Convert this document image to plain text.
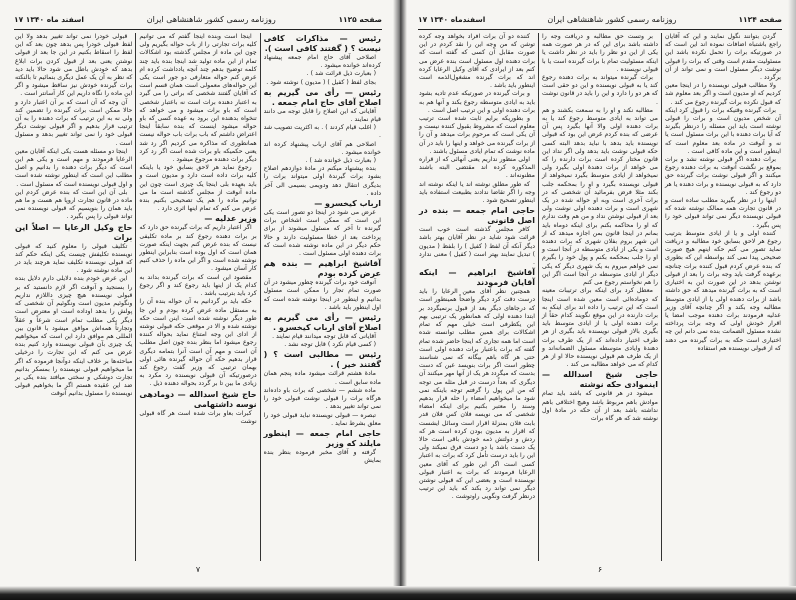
۱۷ اسفند ماه ۱۳۴۰	روزنامه رسمی کشور شاهنشاهی ایران	صفحه ۱۱۲۵
رئیس — مذاکرات کافی نیست ؟ ( گفتند کافی است ).

اصلاحی آقای حاج امام جمعه پیشنهاد کرده‌اند خوانده میشود .

( بعبارت ذیل قرائت شد ) .

بجای لفظ ( کفیل ) ( مدیون ) نوشته شود .

رئیس — رأی می گیریم به اصلاح آقای حاج امام جمعه .

آقایانی که این اصلاح را قابل توجه می دانند قیام نمایند .

( اغلب قیام کردند ) . به اکثریت تصویب شد .

اصلاحی هم آقای ارباب پیشنهاد کرده اند خوانده میشود .

( بعبارت ذیل خوانده شد ) .

بنده پیشنهاد میکنم در مادهٔ دوازدهم اصلاح بشود برات گیرندهٔ اولی میتواند برات را بدیگری انتقال دهد ودویمی بسیمی الی آخر داده .

ارباب کیخسرو —

عرض می شود در اینجا دو تصور است یکی این است که ممکن است اشخاص برات گیرنده تا آخر که مسئول میشوند از برای پرداخت بعد از خطا مسئولیت دارند و حالا حکم دیگر در این ماده نوشته شده است که برات دهنده اولی مسئول است .

آقاشیخ ابراهیم — بنده هم عرض کرده بودم

آنوقت خود برات گیرنده چطور میشود در آن صورت تمام تجار را ممکن است مسئول بدانیم و اینطور در اینجا نوشته شده است که اول اینطور باید باشد .

رئیس — رأی می گیریم به اصلاح آقای ارباب کیخسرو .

آقایانی که قابل توجه میدانند قیام نمایند .

( کسی قیام نکرد ) قابل توجه نشد .

رئیس — مطالبی است ؟ ( گفتند خیر ) .

مادهٔ هشتم قرائت میشود ماده پنجم همان ماده سابق است .

ماده ششم — شخصی که برات باو داده‌اند هرگاه برات را قبولی نوشت قبولی خود را نمی تواند تغییر بدهد .

تبصره — قبولی نویسنده نباید قبولی خود را معلق بشرط نماید .

حاجی امام جمعه — اینطور مایلند که وزیر

گرفته و آقای مخبر فرموده بنظر بنده بمایش

اینجا است وبنده اینجا گفتم که می توانیم کلیه برات تجارتی را از باب حواله بگیریم ولی چون این ماده از مجلس گذشته بود اشکالات تمام از این ماده تولید شد اینجا بنده باید چند کلمه توضیح بدهم چند آنچه یادداشت کرده ام عرض کنم حواله متعارفی دو جور است یکی این حواله‌های معمولی است همان قسم است که آقایان گفتند شخصی که براتی را می گیرد به اعتبار دهنده برات است نه باعتبار شخصی است که باو برات میشود و می خواهد که تنخواه بدهنده این برود به عهده کسی که باو حواله میشود اینست که بنده سابقاً اینجا اعتراض داشتم که باب برات باب حواله نیست همانطوری که مذاکره می کردیم اگر رد شد یعنی حکمیکه باو برات شده است اگر رد کرد دیگر برات دهنده مرجوع میشود .

رجوع نماید هر لاحق بسابق خود یا باینکه کلیه برات داده است دارد و مدیون است و باید بعهده بلی اینجا یک چیزی است چون این ماده آنوقت از مجلس گذشته است ما می توانیم ماده را هم یک تصحیحی بکنیم بنده عرض می کنم که تمام اینها اثری دارد .

وزیر عدلیه —

اگر اعتبار داریم که برات گیرنده حق دارد که بر برات دهنده رجوع کند بر ماده تکلیفی نیست که بنده عرض کنم بجهت اینکه صورت همان است که اول بوده است بنابراین اینطور نوشته شده است و اگر این ماده را حذف کنیم کار آسان میشود .

مقصود این است که برات گیرنده بداند به کدام یک از اینها باید رجوع کند و اگر رجوع کرد باید بترتیب باشد .

حکه باید بر گردانیم به آن حواله بنده آن را به مستقل ماده عرض کرده بودم و این جا طور دیگر نوشته شده است اینن است حکه نوشته شده و الا در موقعی حکه قبولی نوشته از ادای این وجه امتناع نماید بحواله کننده رجوع میشود اما بنظر بنده چون اصل مطلب آن است و مهم آن است آنرا بتمامه دیگری قرار بدهیم حکه آن حواله گیرنده هائی اولی بهمان ترتیبی که وزیر گفت رجوع کند درصورتیکه آن قبولی نویسنده رد مکرد به زیادی ما بین تا بر گردد بحواله دهنده ذیل .

حاج شیخ اسدالله — دومادهی نوسه داشتهامی

کبرات بعاو برات شده است هر گاه قبولی نوشت

قبولی خودرا نمی تواند تغییر بدهد ولا این لفظ قبولی خودرا پس بدهد چون بعد که این لفظ را اسقاط بکنیم در این جا بعد از قبولی نوشتن یعنی بعد از قبول کردن برات ابلاغ بدهد که خودش باطل می شود حالا باید دید که نظر به آن یک عمل دیگری بنمائیم تا بالنکته برات گیرنده خودش نیز ساقط میشود و اگر این ماده را نگاه داریم این کار آسانتر است .

آن وجه که آن است که بر آن اعتبار دارد و حالا ممکن است برات گیرنده را تضمین کند ولی نه به این ترتیب که برات دهنده را به آن ترتیب قرار بدهیم و اگر قبولی نوشت دیگر قبولی خود را نمی تواند تغییر بدهد و مسئول است .

اینجا دو مسئله هست یکی اینکه آقایان معین الرعایا فرمودند و مهم است و یکی هم این است که دیگر برات دهنده را بدانیم و اصل مطلب این است که اینطور نوشته شده است و اول قبولی نویسنده است که مسئول است .

بلی آن این است که بنده عرض کردم این ماده در قانون تجارت اروپا هم هست و ما هم باید همان را بنویسیم که قبولی نویسنده نمی تواند قبولی را پس بگیرد .

حاج وکیل الرعایا — اصلاً این برات

تکلیف قبولی را معلوم کنید که قبولی نویسنده تکلیفش چیست یکی اینکه حکم کند که قبولی نویسنده تکلیف نماید هرچند باید در این ماده نوشته شود .

این عرض خودم بنده دلایلی دارم دلایل بنده را بسنجید و آنوقت اگر لازم دانستید که بر قبولی نویسنده هیچ چیزی داللازم نداریم ونگوئیم مدیون است ونگوئیم آن شخصی که پولش را بدهد اوداده است او معترض است دیگر یکی مطلب تمام است شرعاً و عقلاً وتجارتاً همه‌اش موافق میشود با قانون بین المللی هم موافق دارد این است که میخواهیم یک چیزی بآن قبولی نویسنده وارد کنیم بنده عرض می کنم که این تجارت را درخیلی مباحثه‌ها بر خلاف اینکه دوآنجا فرموده که اگر ما میخواهیم قبولی نویسنده را بمسکر بدانیم تجارت دوشکی‌ و سختی میافتد بنده یکی بر ضد این عقیده هستم اگر ما بخواهیم قبولی نویسنده را مسئول بدانیم آنوقت

۷
۱۷ اسفندماه ۱۳۴۰	روزنامه رسمی کشور شاهنشاهی ایران	صفحه ۱۱۲۴

گردن بتوانند نگول نمایند و این که آقایان راجع باشتباه اضافات نموده اند این است که در صورتیکه برات را تحمل نکرده باشد این مسئولیت مقدم است وقتی که برات را قبولی نوشت دیگر مسئول است و نمی تواند از آن برگردد .

ولا مطالب قبولی نویسنده را در اینجا معین کردیم که او مدیون است و اگر بعد معلوم شد که قبول نکرده برات گیرنده رجوع می کند .

برات گیرنده وقتیکه برات را قبول کرد اینکه آن شخص مدیون است و برات را قبولی نوشته است باید این مسئله را درنظر بگیرند که آیا برات دهنده با این برات مسئول است یا نه و آنوقت در ماده بعد معلوم است که اینطور است و این ماده کافی است .

برات دهنده اگر قبولی نوشته نشد و برات بموقع بر نگشت آنوقت به برات دهنده رجوع میکنند و اگر قبولی نوشت برات گیرنده حق دارد که به قبولی نویسنده و برات دهنده یا هر دو رجوع کند .

اینها را در نظر بگیرید مطلب ساده است و در قانون تجارت همه ممالک نوشته شده که قبولی نویسنده دیگر نمی تواند قبولی خود را پس بگیرد .

کننده اولی و یا از ایادی متوسط بترتیب رجوع هر لاحق بسابق خود مطالبه و دریافت نماید تصور می کنم حکه اینهم هیچ صورت صحیحی پیدا نمی کند بواسطه این که بطوری که بنده عرض کردم قبول کننده برات چنانچه برعهده گرفت باید وجه برات را بعد از قبولی نوشتن بدهد در این صورت این به اختیاری است که به برات گیرنده میدهد که حق داشته باشد از برات دهنده اولی یا از ایادی متوسط مطالبه وجه بکند و اگر چنانچه آقای وزیر عدلیه فرمودند برات دهنده موجب امضا یا اقرار خودش اولی که وجه برات پرداخته نشده مسئول الضمانت بنده نمی دانم این چه اختیاری است حکه به برات گیرنده می دهند که از قبولی نویسنده هم استفاده

بر وتست حق مطالبه و دریافت وجه را داشته باشد برای این که در هر صورت همه یکی از این دو نظر را باید در نظر داشت یا اینکه مسئولیت تمام با برات گیرنده است یا با قبولی نویسنده .

برات گیرنده میتواند به برات دهنده رجوع کند یا به قبولی نویسنده و این دو حقی است که هر دو را دارد و این را باید در قانون نوشت .

مطالبه نکند و او را به سمعت بکشند و هم می تواند به ایادی متوسط رجوع کند یا به برات دهنده اولی والا آنها بگیرد پس آن عرضی که بنده کردم غرض این بود که قبولی نویسنده باید بدهد با نباید بدهد البته کسی حکه قبولی نوشت باید بدهد ولی اگر نداد این قانون مختار کرده است برات دارنده را که می خواهد از برات دهندهٔ اولی بگیرد ولی نمیخواهد از ایادی متوسط بگیرد نمیخواهد از قبولی نویسنده بگیرد و او را بمحکمه جلب بکند مثلا فرض بفرمائید آن شخصی که در برات آخری است وبه او حواله شده در یک شهری است و برات دهنده اولی نوشت ولی بعد از قبولی نوشتن نداد و من هم وقت ندارم که او را محاکمه بکنم برای اینکه دوماه باید بمانم در اینجا قانون بمن اجازه میدهد که از این شهر بروم بفلان شهری که برات دهنده است و یکی از ایادی متوسطه در آنجا است و او را جلب بمحکمه بکنم و پول خود را بگیرم نمی خواهم میروم به یک شهری دیگر که یکی دیگر از ایادی متوسطه در آنجا است اگر این را هم نخواستم رجوع می کنم

معطل کرد برای اینکه برای ترتیبات معینه که دوماده‌ائی است معین شده است اینجا است که این ترتیب را داده اند برای اینکه به برات دارنده در این موقع نگویند کدام حقاً از برات دهنده اولی یا از ایادی متوسط باید بگیری بالاز قبولی نویسنده باید بگیری از هر طرف اختیار داده‌اند که از یک طرف برات دهندهٔ وایادی متوسطه مسئول الضمانه‌اند و از یک طرف هم قبولی نویسنده حالا او از هر کدام که می خواهد مطالبه می کند .

حاجی شیخ اسدالله — اینموادی حکه نوشته

میشود در هر قانونی که باشد باید تمام موادش باهم مربوط باشد وهیچ اختلافی باهم نداشته باشد بعد از آن حکه در مادهٔ اول نوشته شد که هر گاه برات

کننده دو آن برات افراد بخواهد وجه کرده توشن که من وجه این را نقد کردم در این صورت مقابل آن کسی که گفته است که برات دهنده اول مسئول است بنده عرض می کنم بعد از ایرادی که آقای وکیل الرعایا کرده اند که برات گیرنده مشغول‌الذمه است اینطور باید باشد .

و برات گیرنده در صورتیکه عدم تادیه بشود باید به ایادی متوسطه رجوع بکند و آنها هم به برات دهنده اولی و این ترتیب اصل است .

و بطوریکه برایم ثابت شده است ترتیب معلوم است که مشروط بقبول کننده نیست و آن یکی است که مرحوم برات میدهد و آن را از برات گیرنده می خواهد و اینها را باید در آن ماده نوشت که تمام ایادی مسئول باشند .

اولی منظور نداریم یعنی آنهائی که از قراره المذکوره کرده اند مقتضی البته باشند مظنونه‌اند .

که طور مطلق نوشته اند یا اینکه نوشته اند وجه را اگر تقاضا ندادند بطبیعت استفاده باید اینطور تصحیح شود .

حاجی امام جمعه — بنده در اصل قانونی

کافر مجلس گذشته است خوب است قرائت شود شاید در نظر آقایان بهتر باشد دیگر آنکه آن لفظ ( کفیل ) را بلفظ ( مدیون ) تبدیل نمایند بهتر است ( کفیل ) معنی ندارد .

آقاشیخ ابراهیم — اینکه آقایان فرمودند

همچنین نظر آقای معین الرعایا را باید درست دقت کرد دیگر واضحاً همینطور است که درجاهای دیگر بعد از قبول برنمیگردد بر ابتدا دهنده اولی که همانطور یک ترتیبی بهم این یکطرفی است خیلی مهم که تمام اشکالات برای همین مطلب توانسته شده است اما همه تجاری که اینجا حاضر شده تمام گفته که برات باعتبار برات دهنده اولی است حتی هر گاه باهم بیگانه که نمی شناسند چطور است اگر برات بنویسد عین که دست بدست که میگردد هر یک از آنها مهر میکنند آن دیگری که بعداً درست در قبل مثله می توجه که من این پول را گرفتم توجه باینکه نمی شود ما میخواهیم امضاء را حله قرار بدهیم وسند را معتبر بکنیم برای اینکه امضاء شخصی که می نویسه فلان کس فلان قدر بابت فلان بمنزلهٔ اقرار است وسائل ایشست که اقرار به مدیون بودن کرده است هر که ردش و دولتش ذمه خودش باقی است حالا یک دست باشد یا دو دست فرق نمیکند ولی این را باید درست تأمل کرد که برات به اعتبار کسی است اگر این طور که آقای معین الرعایا فرمودند که برات به اعتبار قبولی نویسنده است و بعضی این که قبولی نوشتن دیگر نمی تواند رد بکند که باید این ترتیب درنظر گرفت ونگویی راوتوشت .

۶
